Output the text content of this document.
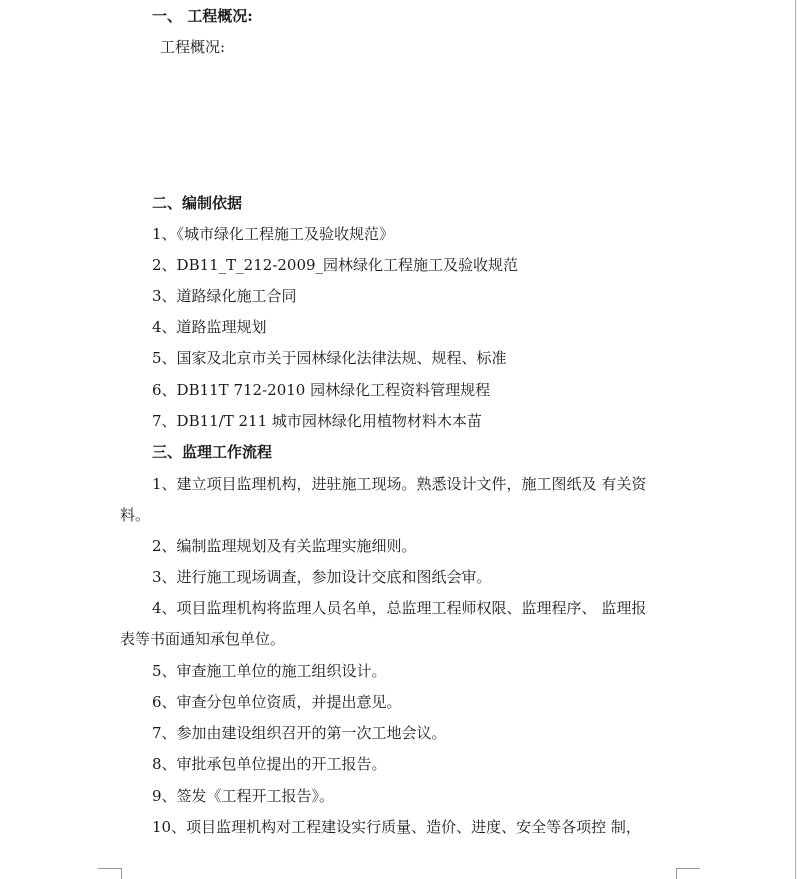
一、 工程概况:
工程概况:
二、编制依据
1、《城市绿化工程施工及验收规范》
2、DB11_T_212-2009_园林绿化工程施工及验收规范
3、道路绿化施工合同
4、道路监理规划
5、国家及北京市关于园林绿化法律法规、规程、标准
6、DB11T 712-2010 园林绿化工程资料管理规程
7、DB11/T 211 城市园林绿化用植物材料木本苗
三、监理工作流程
1、建立项目监理机构，进驻施工现场。熟悉设计文件，施工图纸及 有关资
料。
2、编制监理规划及有关监理实施细则。
3、进行施工现场调查，参加设计交底和图纸会审。
4、项目监理机构将监理人员名单，总监理工程师权限、监理程序、 监理报
表等书面通知承包单位。
5、审查施工单位的施工组织设计。
6、审查分包单位资质，并提出意见。
7、参加由建设组织召开的第一次工地会议。
8、审批承包单位提出的开工报告。
9、签发《工程开工报告》。
10、项目监理机构对工程建设实行质量、造价、进度、安全等各项控 制，
